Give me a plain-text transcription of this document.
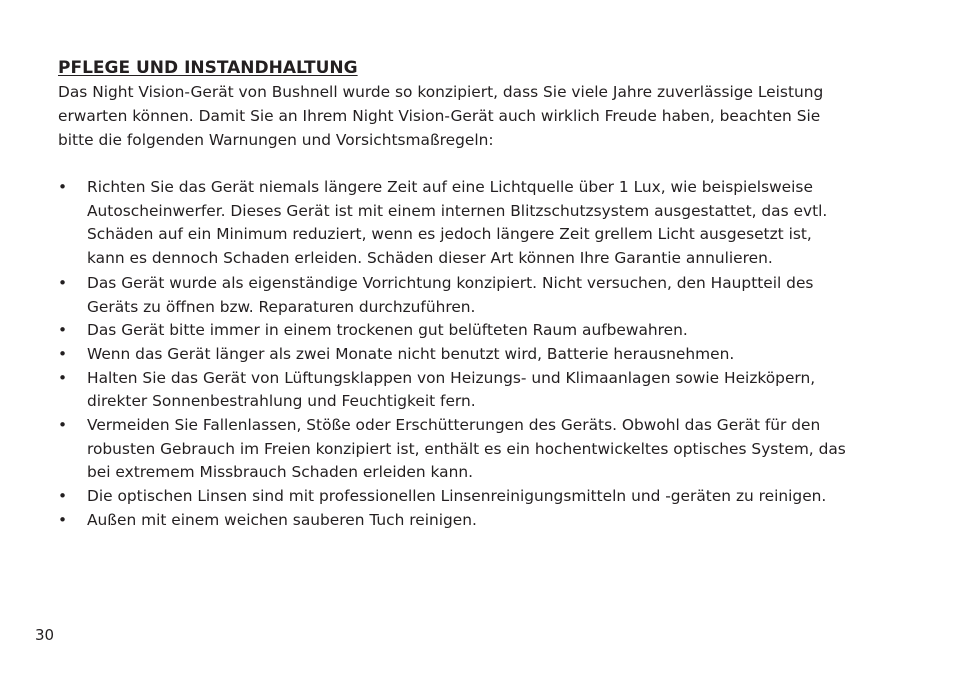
PFLEGE UND INSTANDHALTUNG

Das Night Vision-Gerät von Bushnell wurde so konzipiert, dass Sie viele Jahre zuverlässige Leistung
erwarten können. Damit Sie an Ihrem Night Vision-Gerät auch wirklich Freude haben, beachten Sie
bitte die folgenden Warnungen und Vorsichtsmaßregeln:

• Richten Sie das Gerät niemals längere Zeit auf eine Lichtquelle über 1 Lux, wie beispielsweise
Autoscheinwerfer. Dieses Gerät ist mit einem internen Blitzschutzsystem ausgestattet, das evtl.
Schäden auf ein Minimum reduziert, wenn es jedoch längere Zeit grellem Licht ausgesetzt ist,
kann es dennoch Schaden erleiden. Schäden dieser Art können Ihre Garantie annulieren.
• Das Gerät wurde als eigenständige Vorrichtung konzipiert. Nicht versuchen, den Hauptteil des
Geräts zu öffnen bzw. Reparaturen durchzuführen.
• Das Gerät bitte immer in einem trockenen gut belüfteten Raum aufbewahren.
• Wenn das Gerät länger als zwei Monate nicht benutzt wird, Batterie herausnehmen.
• Halten Sie das Gerät von Lüftungsklappen von Heizungs- und Klimaanlagen sowie Heizköpern,
direkter Sonnenbestrahlung und Feuchtigkeit fern.
• Vermeiden Sie Fallenlassen, Stöße oder Erschütterungen des Geräts. Obwohl das Gerät für den
robusten Gebrauch im Freien konzipiert ist, enthält es ein hochentwickeltes optisches System, das
bei extremem Missbrauch Schaden erleiden kann.
• Die optischen Linsen sind mit professionellen Linsenreinigungsmitteln und -geräten zu reinigen.
• Außen mit einem weichen sauberen Tuch reinigen.
30
